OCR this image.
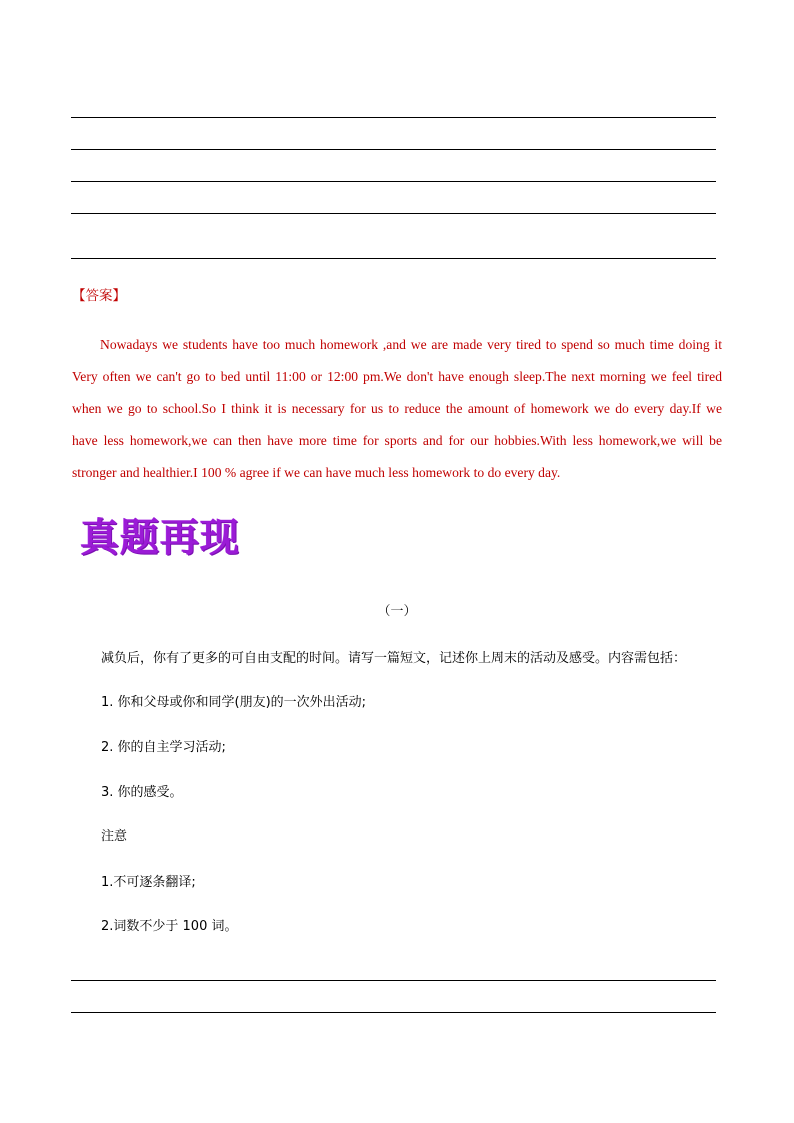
【答案】
Nowadays we students have too much homework ,and we are made very tired to spend so much time doing it
Very often we can't go to bed until 11:00 or 12:00 pm.We don't have enough sleep.The next morning we feel tired
when we go to school.So I think it is necessary for us to reduce the amount of homework we do every day.If we
have less homework,we can then have more time for sports and for our hobbies.With less homework,we will be
stronger and healthier.I 100 % agree if we can have much less homework to do every day.
真题再现
（一）
减负后，你有了更多的可自由支配的时间。请写一篇短文，记述你上周末的活动及感受。内容需包括：
1. 你和父母或你和同学(朋友)的一次外出活动;
2. 你的自主学习活动;
3. 你的感受。
注意
1.不可逐条翻译;
2.词数不少于 100 词。
